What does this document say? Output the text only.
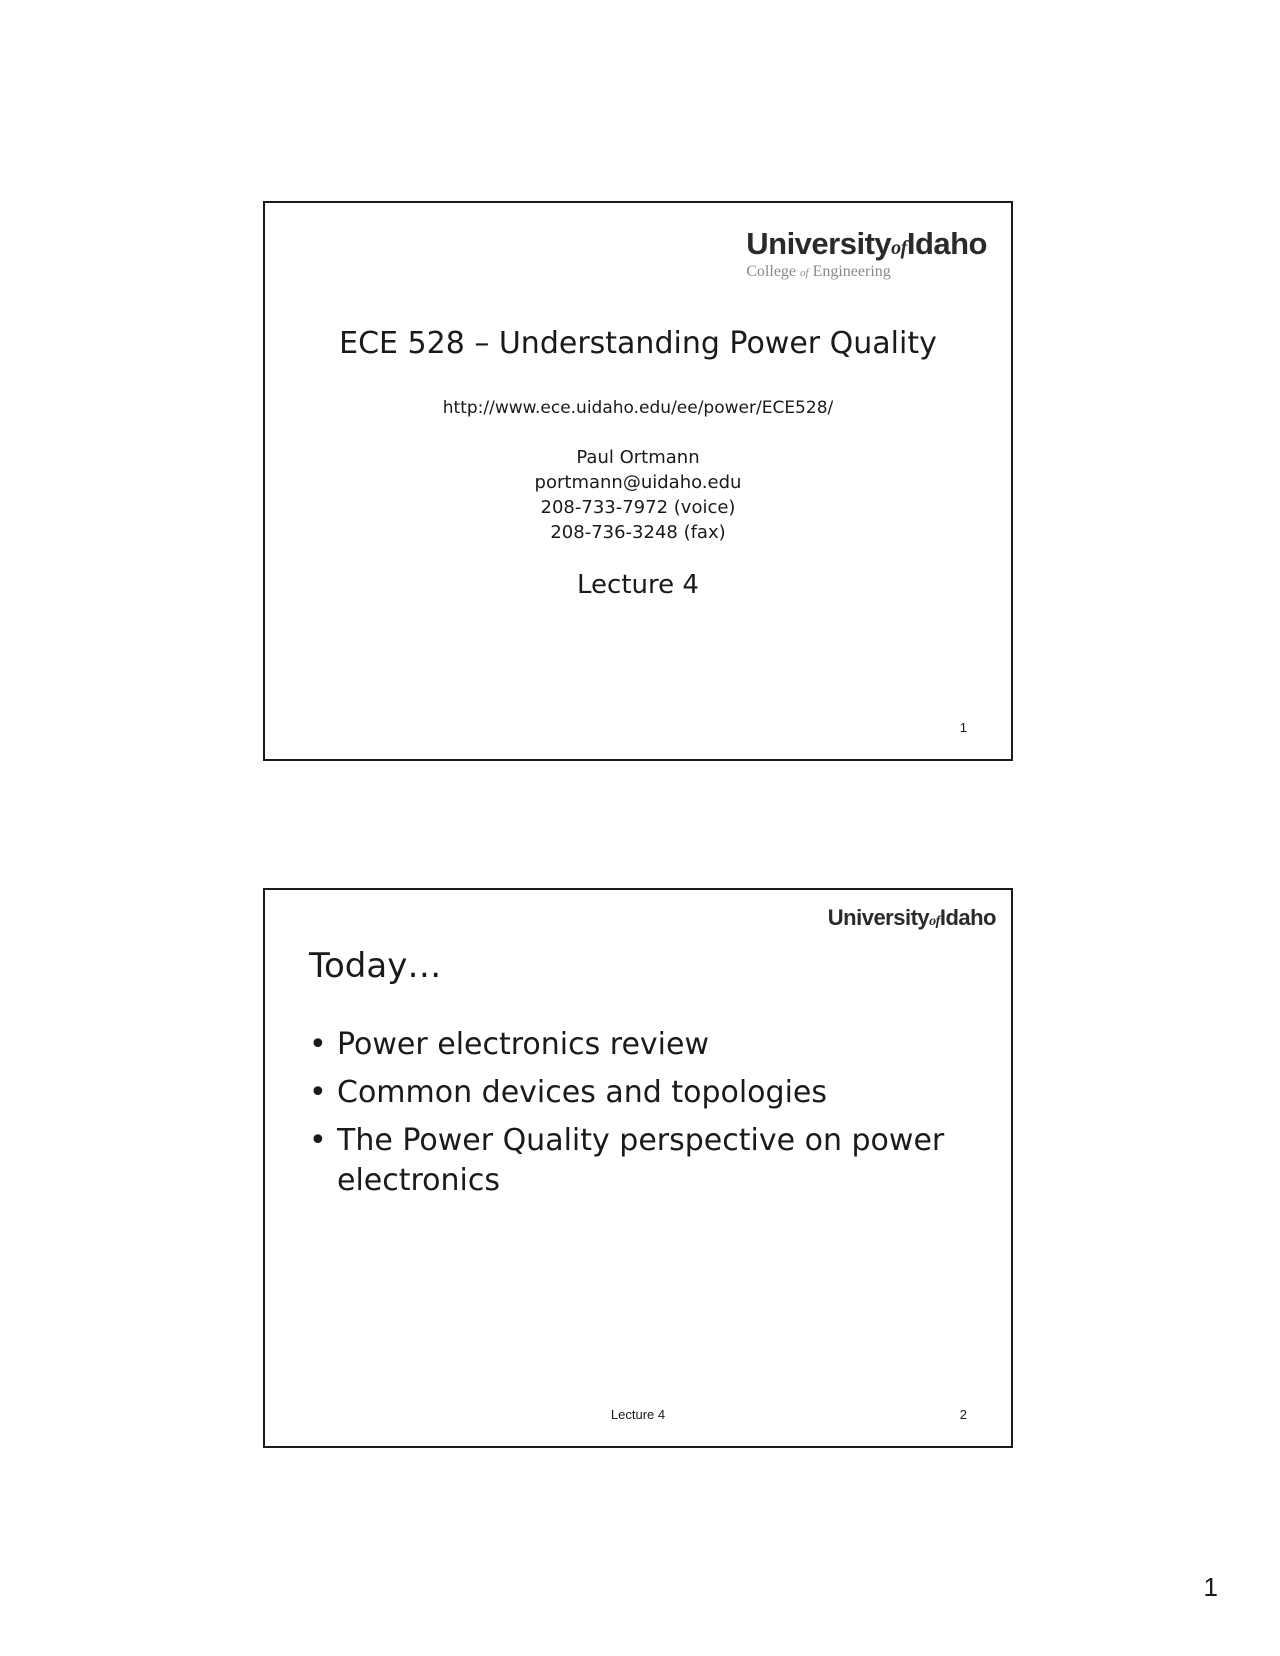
UniversityofIdaho
College of Engineering
ECE 528 – Understanding Power Quality
http://www.ece.uidaho.edu/ee/power/ECE528/
Paul Ortmann
portmann@uidaho.edu
208-733-7972 (voice)
208-736-3248 (fax)
Lecture 4
1
UniversityofIdaho
Today…
• Power electronics review
• Common devices and topologies
• The Power Quality perspective on power electronics
Lecture 4	2
1
